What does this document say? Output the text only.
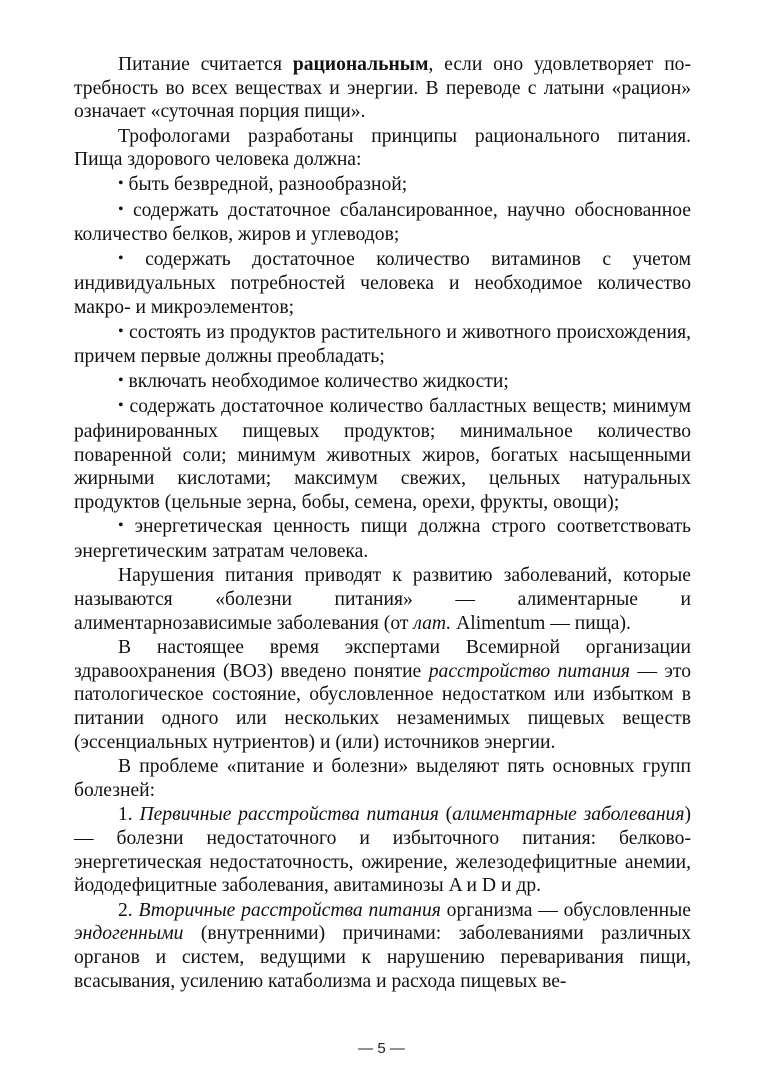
Питание считается рациональным, если оно удовлетворяет потребность во всех веществах и энергии. В переводе с латыни «рацион» означает «суточная порция пищи».

Трофологами разработаны принципы рационального питания. Пища здорового человека должна:

• быть безвредной, разнообразной;

• содержать достаточное сбалансированное, научно обоснованное количество белков, жиров и углеводов;

• содержать достаточное количество витаминов с учетом индивидуальных потребностей человека и необходимое количество макро- и микроэлементов;

• состоять из продуктов растительного и животного происхождения, причем первые должны преобладать;

• включать необходимое количество жидкости;

• содержать достаточное количество балластных веществ; минимум рафинированных пищевых продуктов; минимальное количество поваренной соли; минимум животных жиров, богатых насыщенными жирными кислотами; максимум свежих, цельных натуральных продуктов (цельные зерна, бобы, семена, орехи, фрукты, овощи);

• энергетическая ценность пищи должна строго соответствовать энергетическим затратам человека.

Нарушения питания приводят к развитию заболеваний, которые называются «болезни питания» — алиментарные и алиментарнозависимые заболевания (от лат. Alimentum — пища).

В настоящее время экспертами Всемирной организации здравоохранения (ВОЗ) введено понятие расстройство питания — это патологическое состояние, обусловленное недостатком или избытком в питании одного или нескольких незаменимых пищевых веществ (эссенциальных нутриентов) и (или) источников энергии.

В проблеме «питание и болезни» выделяют пять основных групп болезней:

1. Первичные расстройства питания (алиментарные заболевания) — болезни недостаточного и избыточного питания: белково-энергетическая недостаточность, ожирение, железодефицитные анемии, йододефицитные заболевания, авитаминозы A и D и др.

2. Вторичные расстройства питания организма — обусловленные эндогенными (внутренними) причинами: заболеваниями различных органов и систем, ведущими к нарушению переваривания пищи, всасывания, усилению катаболизма и расхода пищевых ве-

— 5 —
